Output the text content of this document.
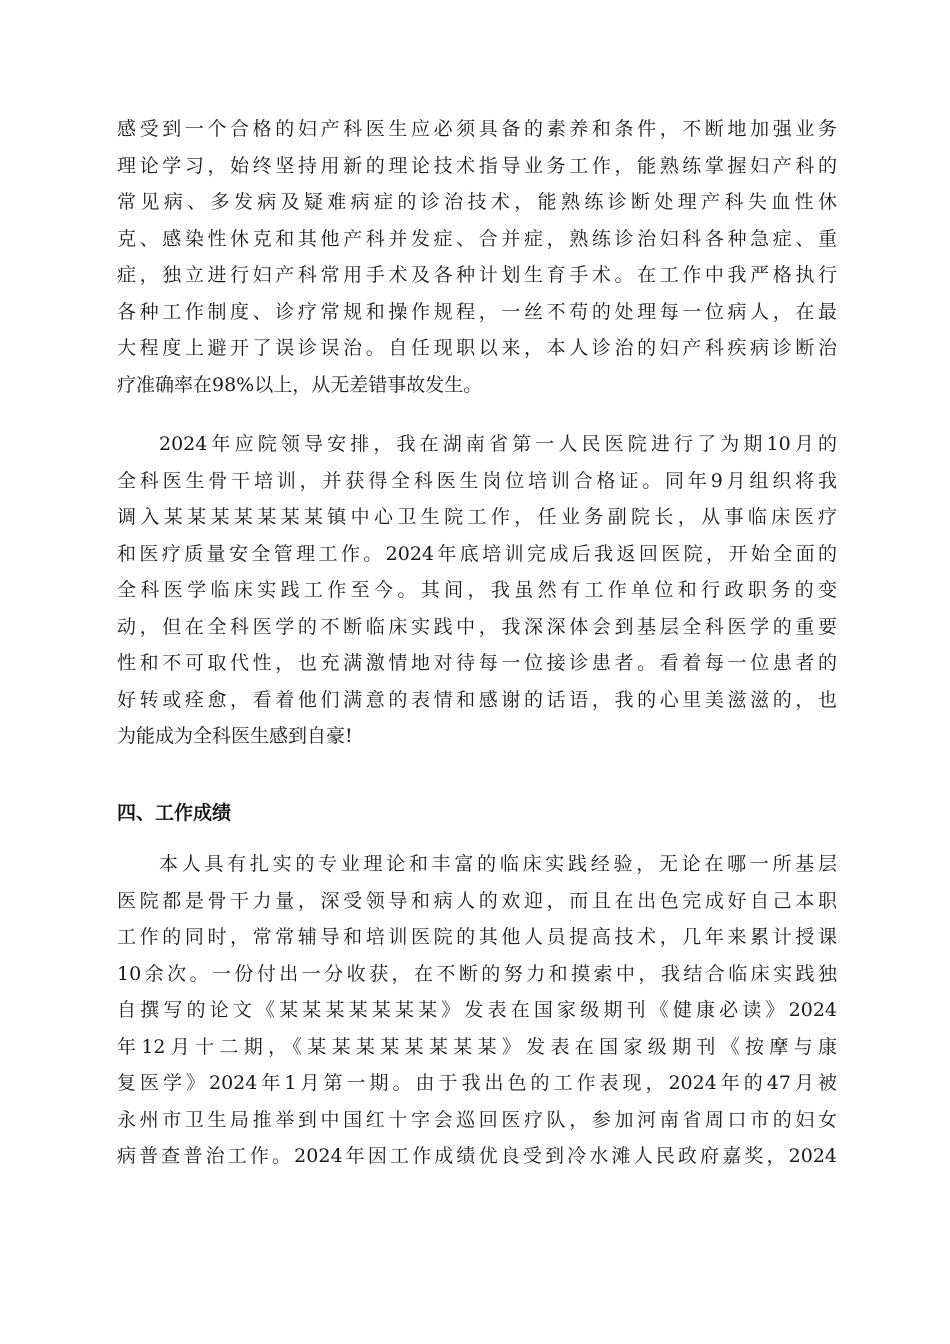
感受到一个合格的妇产科医生应必须具备的素养和条件，不断地加强业务
理论学习，始终坚持用新的理论技术指导业务工作，能熟练掌握妇产科的
常见病、多发病及疑难病症的诊治技术，能熟练诊断处理产科失血性休
克、感染性休克和其他产科并发症、合并症，熟练诊治妇科各种急症、重
症，独立进行妇产科常用手术及各种计划生育手术。在工作中我严格执行
各种工作制度、诊疗常规和操作规程，一丝不苟的处理每一位病人，在最
大程度上避开了误诊误治。自任现职以来，本人诊治的妇产科疾病诊断治
疗准确率在98%以上，从无差错事故发生。
2024年应院领导安排，我在湖南省第一人民医院进行了为期10月的
全科医生骨干培训，并获得全科医生岗位培训合格证。同年9月组织将我
调入某某某某某某某镇中心卫生院工作，任业务副院长，从事临床医疗
和医疗质量安全管理工作。2024年底培训完成后我返回医院，开始全面的
全科医学临床实践工作至今。其间，我虽然有工作单位和行政职务的变
动，但在全科医学的不断临床实践中，我深深体会到基层全科医学的重要
性和不可取代性，也充满激情地对待每一位接诊患者。看着每一位患者的
好转或痊愈，看着他们满意的表情和感谢的话语，我的心里美滋滋的，也
为能成为全科医生感到自豪!
四、工作成绩
本人具有扎实的专业理论和丰富的临床实践经验，无论在哪一所基层
医院都是骨干力量，深受领导和病人的欢迎，而且在出色完成好自己本职
工作的同时，常常辅导和培训医院的其他人员提高技术，几年来累计授课
10余次。一份付出一分收获，在不断的努力和摸索中，我结合临床实践独
自撰写的论文《某某某某某某某》发表在国家级期刊《健康必读》2024
年12月十二期，《某某某某某某某某》发表在国家级期刊《按摩与康
复医学》2024年1月第一期。由于我出色的工作表现，2024年的47月被
永州市卫生局推举到中国红十字会巡回医疗队，参加河南省周口市的妇女
病普查普治工作。2024年因工作成绩优良受到冷水滩人民政府嘉奖，2024
